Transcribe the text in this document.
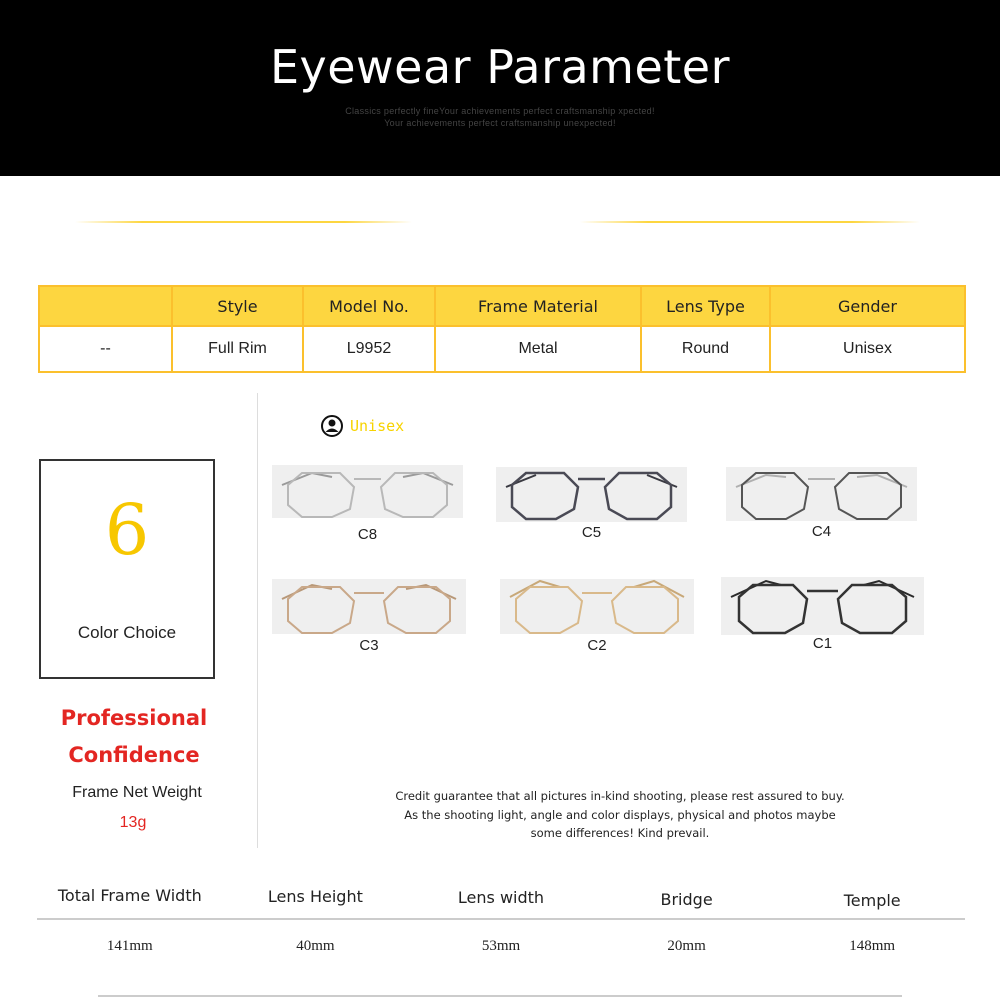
Eyewear Parameter
Classics perfectly fineYour achievements perfect craftsmanship xpected!
Your achievements perfect craftsmanship unexpected!
	Style	Model No.	Frame Material	Lens Type	Gender
--	Full Rim	L9952	Metal	Round	Unisex
6
Color Choice
Professional
Confidence
Frame Net Weight
13g
Unisex
C8	C5	C4
C3	C2	C1
Credit guarantee that all pictures in-kind shooting, please rest assured to buy.
As the shooting light, angle and color displays, physical and photos maybe
some differences! Kind prevail.
Total Frame Width	Lens Height	Lens width	Bridge	Temple
141mm	40mm	53mm	20mm	148mm
